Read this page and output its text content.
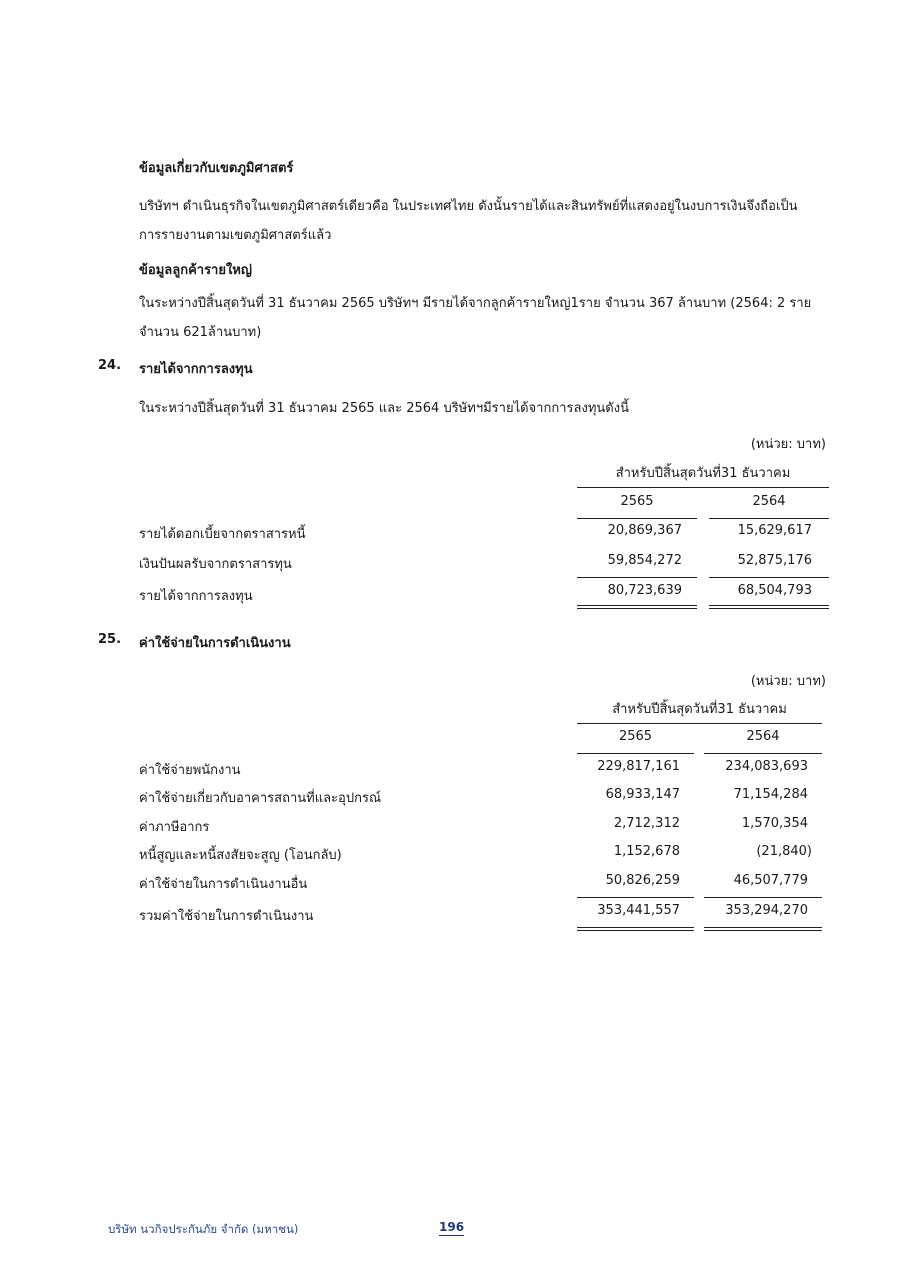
ข้อมูลเกี่ยวกับเขตภูมิศาสตร์
บริษัทฯ ดำเนินธุรกิจในเขตภูมิศาสตร์เดียวคือ ในประเทศไทย ดังนั้นรายได้และสินทรัพย์ที่แสดงอยู่ในงบการเงินจึงถือเป็น
การรายงานตามเขตภูมิศาสตร์แล้ว
ข้อมูลลูกค้ารายใหญ่
ในระหว่างปีสิ้นสุดวันที่ 31 ธันวาคม 2565 บริษัทฯ มีรายได้จากลูกค้ารายใหญ่1ราย จำนวน 367 ล้านบาท (2564: 2 ราย
จำนวน 621ล้านบาท)
24. รายได้จากการลงทุน
ในระหว่างปีสิ้นสุดวันที่ 31 ธันวาคม 2565 และ 2564 บริษัทฯมีรายได้จากการลงทุนดังนี้
(หน่วย: บาท)
สำหรับปีสิ้นสุดวันที่31 ธันวาคม
2565	2564
รายได้ดอกเบี้ยจากตราสารหนี้	20,869,367	15,629,617
เงินปันผลรับจากตราสารทุน	59,854,272	52,875,176
รายได้จากการลงทุน	80,723,639	68,504,793
25. ค่าใช้จ่ายในการดำเนินงาน
(หน่วย: บาท)
สำหรับปีสิ้นสุดวันที่31 ธันวาคม
2565	2564
ค่าใช้จ่ายพนักงาน	229,817,161	234,083,693
ค่าใช้จ่ายเกี่ยวกับอาคารสถานที่และอุปกรณ์	68,933,147	71,154,284
ค่าภาษีอากร	2,712,312	1,570,354
หนี้สูญและหนี้สงสัยจะสูญ (โอนกลับ)	1,152,678	(21,840)
ค่าใช้จ่ายในการดำเนินงานอื่น	50,826,259	46,507,779
รวมค่าใช้จ่ายในการดำเนินงาน	353,441,557	353,294,270
บริษัท นวกิจประกันภัย จำกัด (มหาชน)	196
